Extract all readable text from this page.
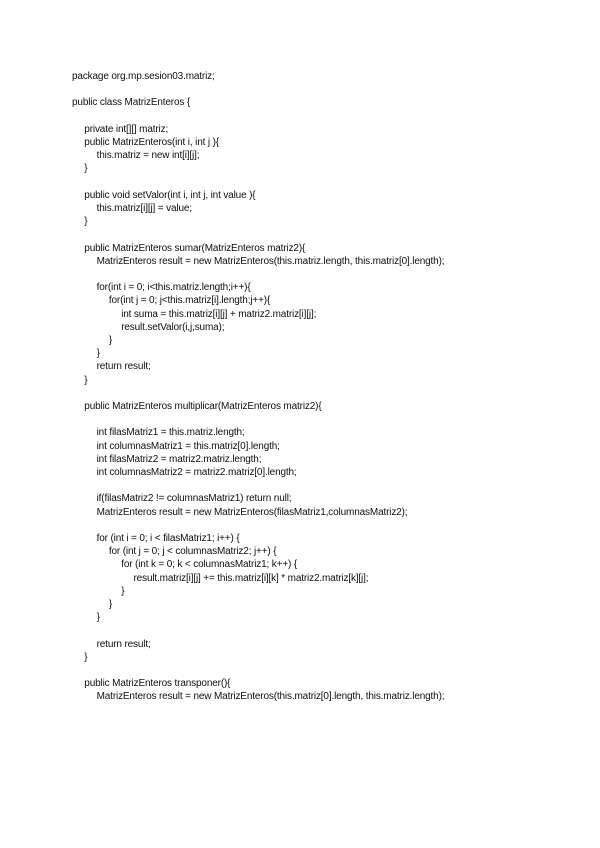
package org.mp.sesion03.matriz;
public class MatrizEnteros {
private int[][] matriz;
public MatrizEnteros(int i, int j ){
this.matriz = new int[i][j];
}
public void setValor(int i, int j, int value ){
this.matriz[i][j] = value;
}
public MatrizEnteros sumar(MatrizEnteros matriz2){
MatrizEnteros result = new MatrizEnteros(this.matriz.length, this.matriz[0].length);
for(int i = 0; i<this.matriz.length;i++){
for(int j = 0; j<this.matriz[i].length;j++){
int suma = this.matriz[i][j] + matriz2.matriz[i][j];
result.setValor(i,j,suma);
}
}
return result;
}
public MatrizEnteros multiplicar(MatrizEnteros matriz2){
int filasMatriz1 = this.matriz.length;
int columnasMatriz1 = this.matriz[0].length;
int filasMatriz2 = matriz2.matriz.length;
int columnasMatriz2 = matriz2.matriz[0].length;
if(filasMatriz2 != columnasMatriz1) return null;
MatrizEnteros result = new MatrizEnteros(filasMatriz1,columnasMatriz2);
for (int i = 0; i < filasMatriz1; i++) {
for (int j = 0; j < columnasMatriz2; j++) {
for (int k = 0; k < columnasMatriz1; k++) {
result.matriz[i][j] += this.matriz[i][k] * matriz2.matriz[k][j];
}
}
}
return result;
}
public MatrizEnteros transponer(){
MatrizEnteros result = new MatrizEnteros(this.matriz[0].length, this.matriz.length);
